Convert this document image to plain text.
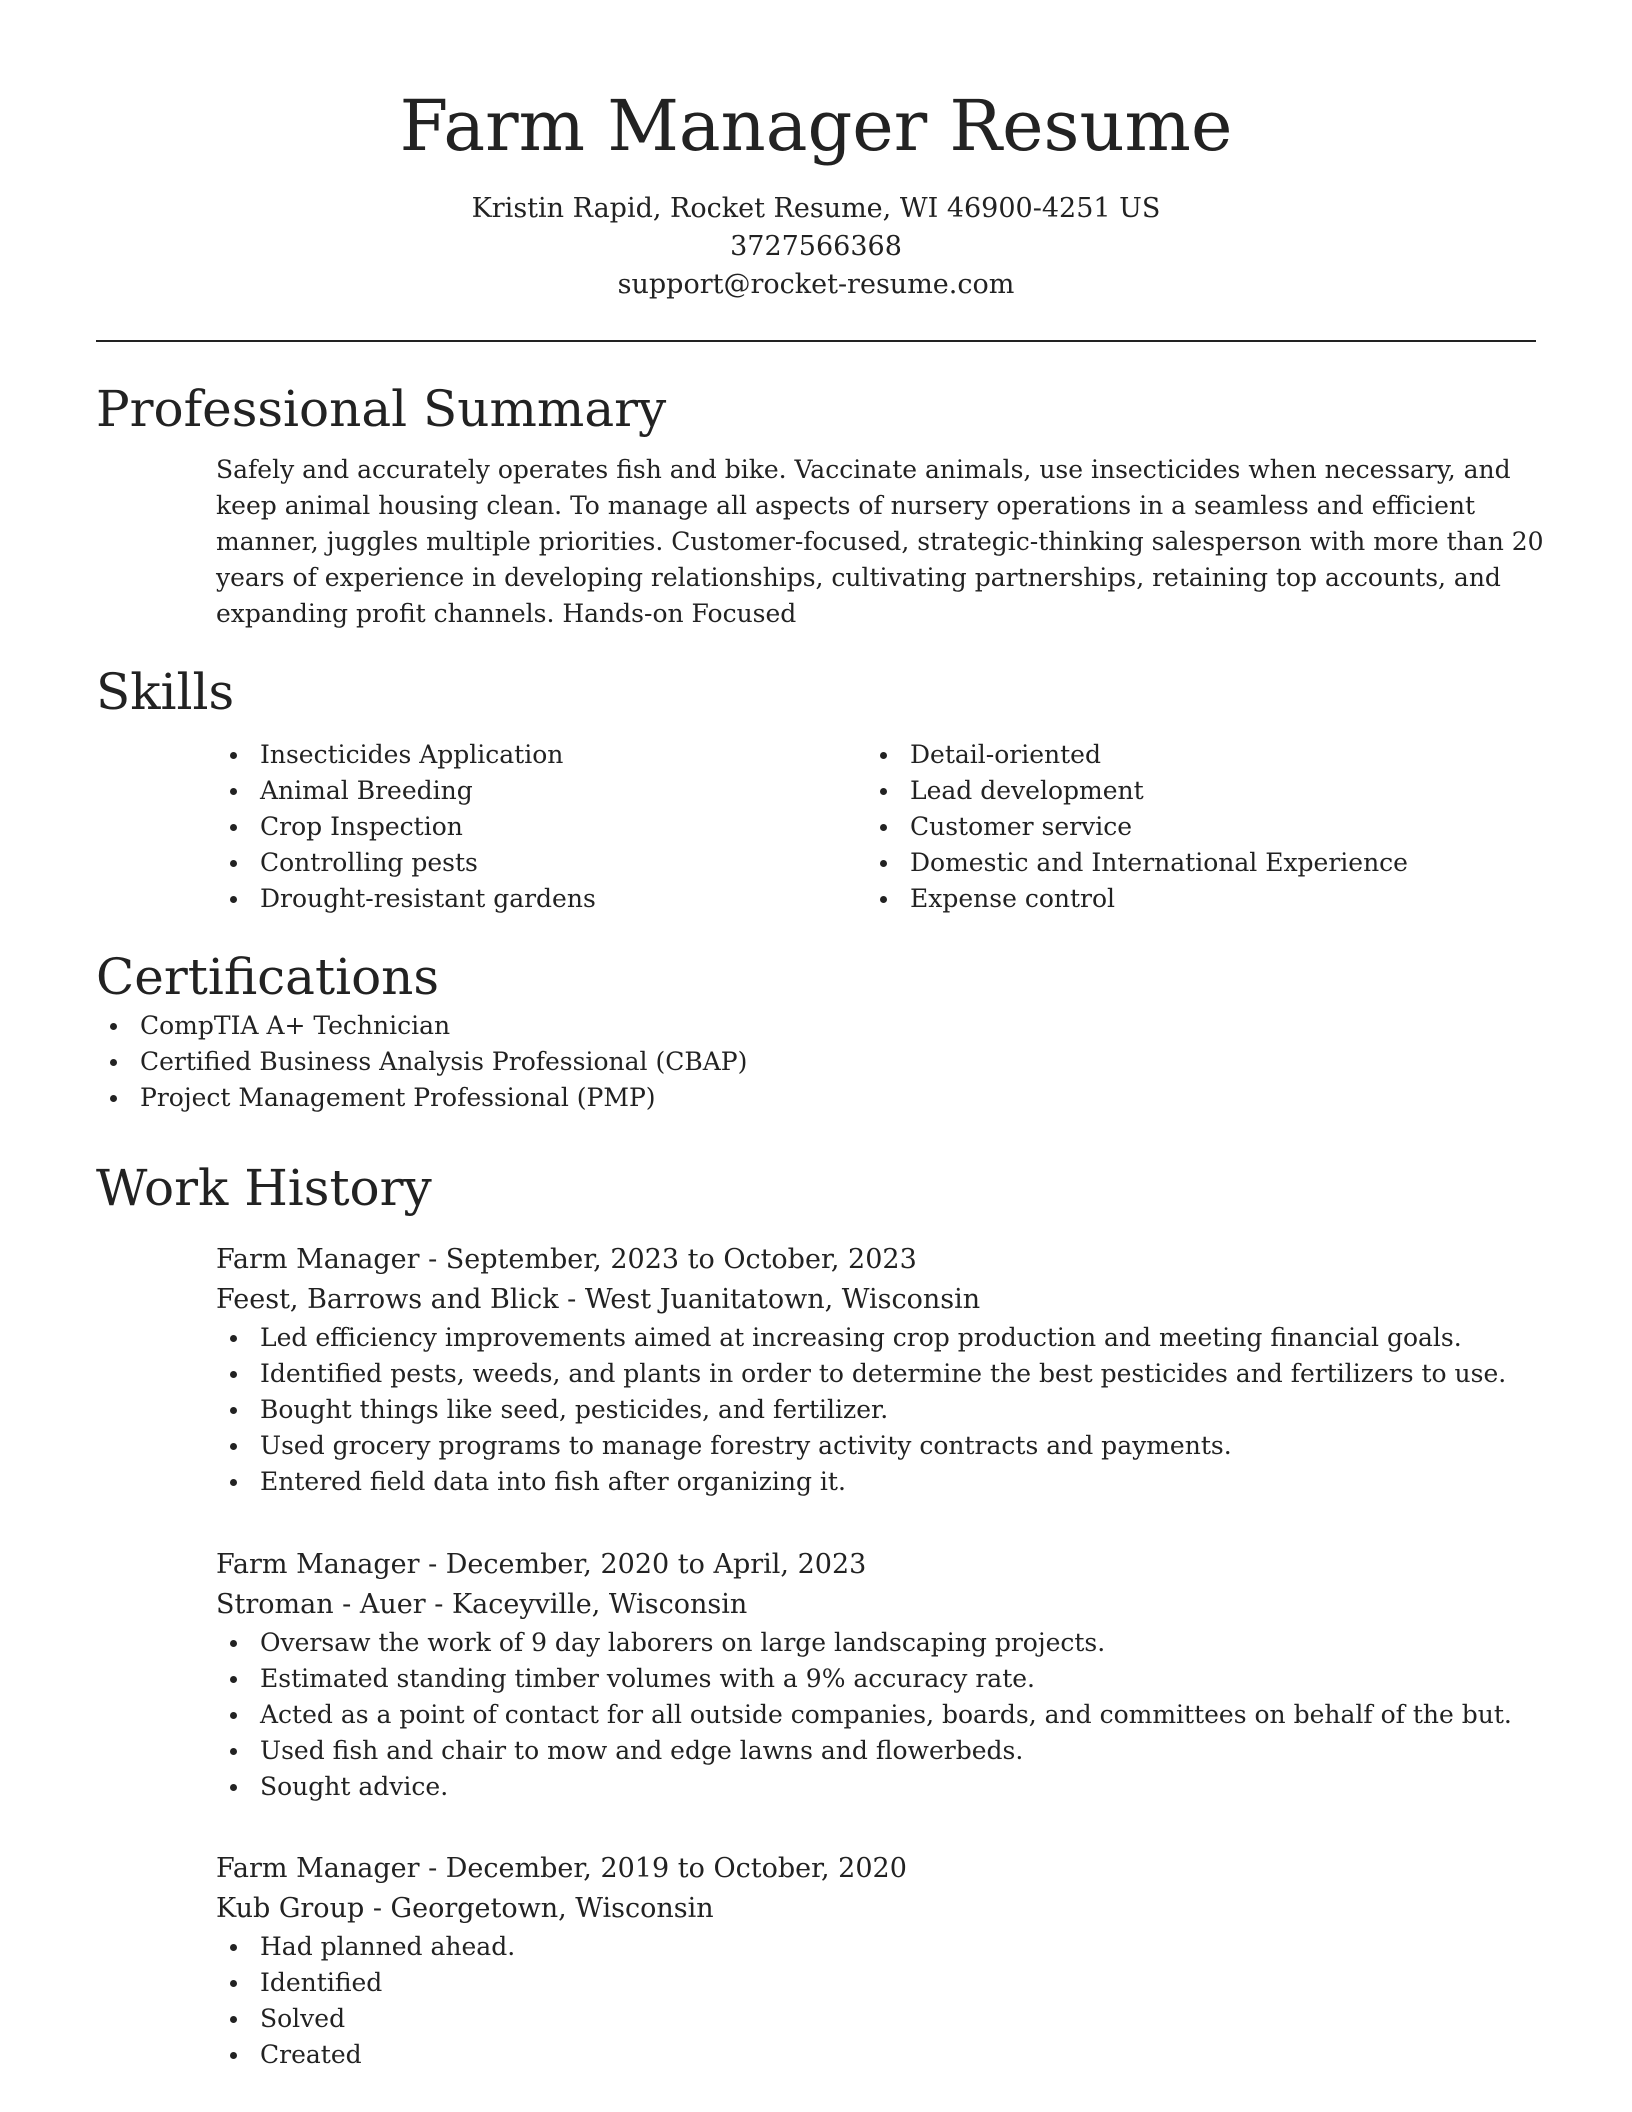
Farm Manager Resume
Kristin Rapid, Rocket Resume, WI 46900-4251 US
3727566368
support@rocket-resume.com
Professional Summary
Safely and accurately operates fish and bike. Vaccinate animals, use insecticides when necessary, and keep animal housing clean. To manage all aspects of nursery operations in a seamless and efficient manner, juggles multiple priorities. Customer-focused, strategic-thinking salesperson with more than 20 years of experience in developing relationships, cultivating partnerships, retaining top accounts, and expanding profit channels. Hands-on Focused
Skills
Insecticides Application
Animal Breeding
Crop Inspection
Controlling pests
Drought-resistant gardens
Detail-oriented
Lead development
Customer service
Domestic and International Experience
Expense control
Certifications
CompTIA A+ Technician
Certified Business Analysis Professional (CBAP)
Project Management Professional (PMP)
Work History
Farm Manager - September, 2023 to October, 2023
Feest, Barrows and Blick - West Juanitatown, Wisconsin
Led efficiency improvements aimed at increasing crop production and meeting financial goals.
Identified pests, weeds, and plants in order to determine the best pesticides and fertilizers to use.
Bought things like seed, pesticides, and fertilizer.
Used grocery programs to manage forestry activity contracts and payments.
Entered field data into fish after organizing it.
Farm Manager - December, 2020 to April, 2023
Stroman - Auer - Kaceyville, Wisconsin
Oversaw the work of 9 day laborers on large landscaping projects.
Estimated standing timber volumes with a 9% accuracy rate.
Acted as a point of contact for all outside companies, boards, and committees on behalf of the but.
Used fish and chair to mow and edge lawns and flowerbeds.
Sought advice.
Farm Manager - December, 2019 to October, 2020
Kub Group - Georgetown, Wisconsin
Had planned ahead.
Identified
Solved
Created
